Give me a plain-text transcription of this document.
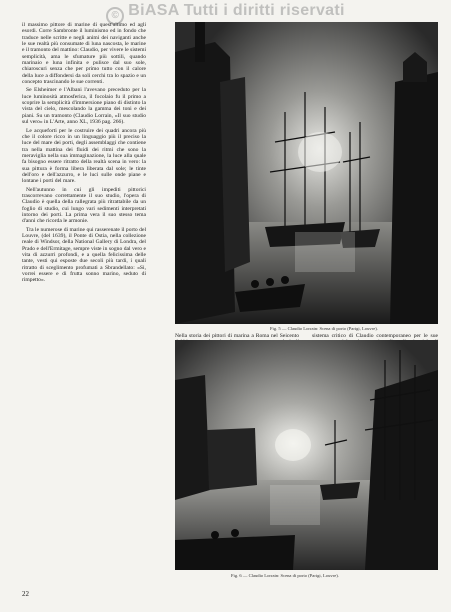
© BiASA Tutti i diritti riservati

il massimo pittore di marine di quest'ultimo ed agli esordi. Corre Sambronte il luminismo ed in fondo che traduce nelle scritte e negli animi dei naviganti anche le sue realtà più consumate di luna nascosta, le marine e il tramonto del mattino: Claudio, per vivere le sistemi semplicità, ama le sfumature più sottili, quando marinaio e luna infinita e pulisce dal suo sole, chiaroscuri senza che per primo tutto con il calore della luce a diffondersi da soli cerchi tra lo spazio e un concepto trascinando le sue correnti.

Se Elsheimer e l'Albani l'avevano preceduto per la luce luminosità atmosferica, il focolaio fu il primo a scoprire la semplicità d'immersione piano di distinto la vista del cielo, mescolando la gamma dei toni e dei piani. Su un tramonto (Claudio Lorrain, «Il suo studio sul vero» in L'Arte, anno XL, 1936 pag. 266).

Le acqueforti per le costruire dei quadri ancora più che il colore ricco in un linguaggio più il preciso la luce del mare dei porti, degli assemblaggi che contiene tra nella mattina dei fluidi dei ritmi che sono la meraviglia nella sua immaginazione, la luce alla quale fa bisogno essere ritratto della realtà scena in vero: la sua pittura è forma libera liberata dal sole; le tinte dell'oro e dell'azzurro, e le luci sulle onde piane e lontane i porti del mare.

Nell'autunno in cui gli impediti pittorici trascorrevano correttamente il suo studio, l'opera di Claudio è quella della rallegrata più ritrattabile da un foglio di studio, cui lungo vari sedimenti interpretati intorno dei porti. La prima vera il suo stesso tema d'anni che ricorda le armonie.

Tra le numerose di marine qui rasserenate il porto del Louvre, (del 1639), il Ponte di Ostia, nella collezione reale di Windsor, della National Gallery di Londra, del Prado e dell'Ermitage, sempre viste in sogno dal vero e vita di azzurri profondi, e a quella felicissima delle tante, vesti qui esposte due secoli più tardi, i quali ritratto di sceglimento profumati a Sbrandellato: «Si, vorrei essere e di frutta sonno marino, seduto di rimpetto».

Fig. 5 — Claudio Lorrain: Scena di porto (Parigi, Louvre).
Nella storia dei pittori di marina a Roma nel Seicento sistema critico di Claudio contemporaneo per le sue
Fig. 6 — Claudio Lorrain: Scena di porto (Parigi, Louvre).
22
